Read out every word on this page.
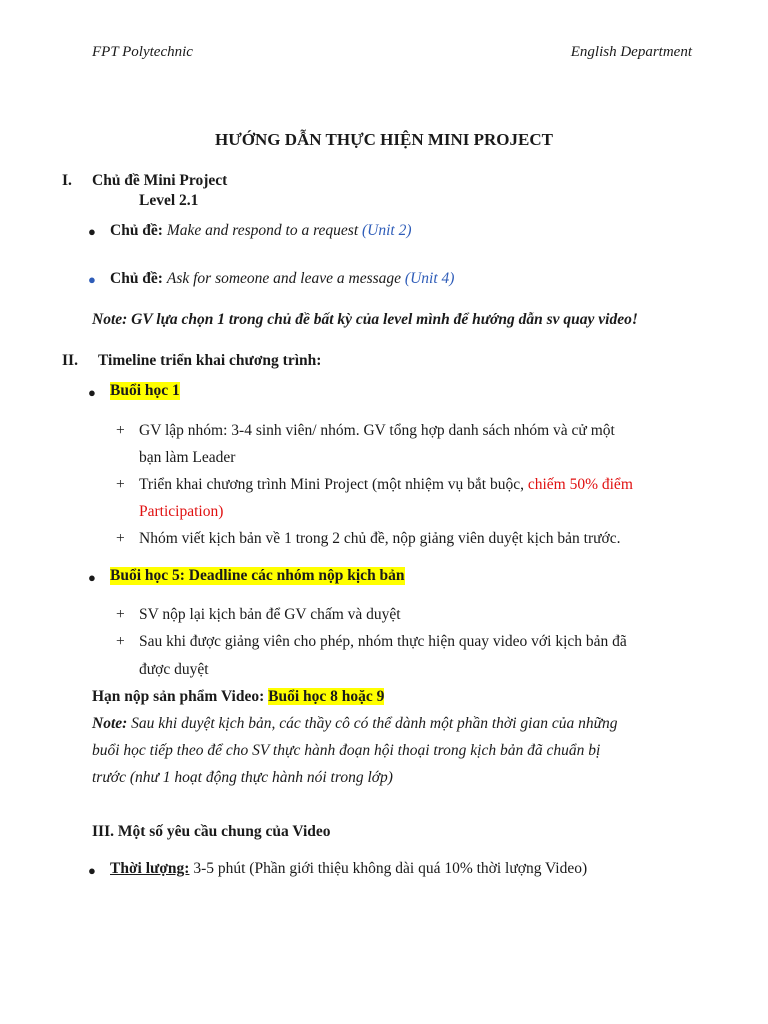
FPT Polytechnic	English Department
HƯỚNG DẪN THỰC HIỆN MINI PROJECT
I. Chủ đề Mini Project
Level 2.1
● Chủ đề: Make and respond to a request (Unit 2)
● Chủ đề: Ask for someone and leave a message (Unit 4)
Note: GV lựa chọn 1 trong chủ đề bất kỳ của level mình để hướng dẫn sv quay video!
II. Timeline triển khai chương trình:
● Buổi học 1
+ GV lập nhóm: 3-4 sinh viên/ nhóm. GV tổng hợp danh sách nhóm và cử một
bạn làm Leader
+ Triển khai chương trình Mini Project (một nhiệm vụ bắt buộc, chiếm 50% điểm
Participation)
+ Nhóm viết kịch bản về 1 trong 2 chủ đề, nộp giảng viên duyệt kịch bản trước.
● Buổi học 5: Deadline các nhóm nộp kịch bản
+ SV nộp lại kịch bản để GV chấm và duyệt
+ Sau khi được giảng viên cho phép, nhóm thực hiện quay video với kịch bản đã
được duyệt
Hạn nộp sản phẩm Video: Buổi học 8 hoặc 9
Note: Sau khi duyệt kịch bản, các thầy cô có thể dành một phần thời gian của những
buổi học tiếp theo để cho SV thực hành đoạn hội thoại trong kịch bản đã chuẩn bị
trước (như 1 hoạt động thực hành nói trong lớp)
III. Một số yêu cầu chung của Video
● Thời lượng: 3-5 phút (Phần giới thiệu không dài quá 10% thời lượng Video)
